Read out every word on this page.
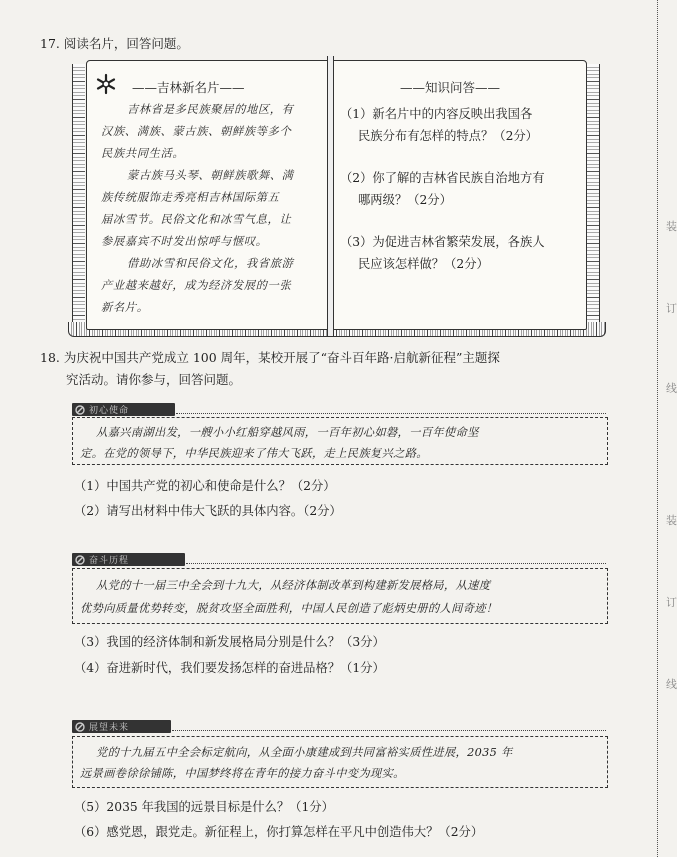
装
订
线
装
订
线
17. 阅读名片，回答问题。
——吉林新名片——
吉林省是多民族聚居的地区，有
汉族、满族、蒙古族、朝鲜族等多个
民族共同生活。
蒙古族马头琴、朝鲜族歌舞、满
族传统服饰走秀亮相吉林国际第五
届冰雪节。民俗文化和冰雪气息，让
参展嘉宾不时发出惊呼与惬叹。
借助冰雪和民俗文化，我省旅游
产业越来越好，成为经济发展的一张
新名片。
——知识问答——
（1）新名片中的内容反映出我国各
民族分布有怎样的特点？（2分）
（2）你了解的吉林省民族自治地方有
哪两级？（2分）
（3）为促进吉林省繁荣发展，各族人
民应该怎样做？（2分）
18. 为庆祝中国共产党成立 100 周年，某校开展了“奋斗百年路·启航新征程”主题探
究活动。请你参与，回答问题。
初心使命
从嘉兴南湖出发，一艘小小红船穿越风雨，一百年初心如磐，一百年使命坚
定。在党的领导下，中华民族迎来了伟大飞跃，走上民族复兴之路。
（1）中国共产党的初心和使命是什么？（2分）
（2）请写出材料中伟大飞跃的具体内容。（2分）
奋斗历程
从党的十一届三中全会到十九大，从经济体制改革到构建新发展格局，从速度
优势向质量优势转变，脱贫攻坚全面胜利，中国人民创造了彪炳史册的人间奇迹！
（3）我国的经济体制和新发展格局分别是什么？（3分）
（4）奋进新时代，我们要发扬怎样的奋进品格？（1分）
展望未来
党的十九届五中全会标定航向，从全面小康建成到共同富裕实质性进展，2035 年
远景画卷徐徐铺陈，中国梦终将在青年的接力奋斗中变为现实。
（5）2035 年我国的远景目标是什么？（1分）
（6）感党恩，跟党走。新征程上，你打算怎样在平凡中创造伟大？（2分）
